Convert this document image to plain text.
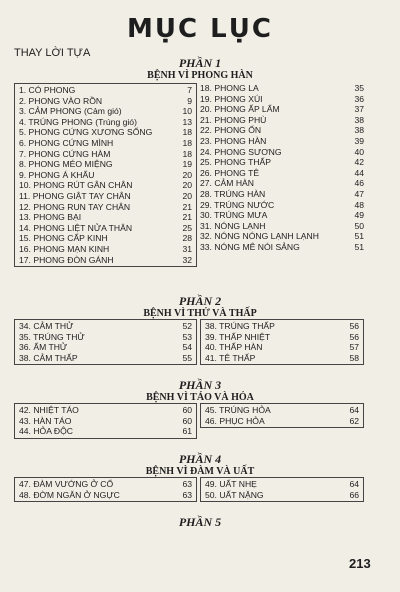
MỤC LỤC
THAY LỜI TỰA
PHẦN 1
BỆNH VÌ PHONG HÀN
1. CÓ PHONG	7
2. PHONG VÀO RỒN	9
3. CẢM PHONG (Cảm gió)	10
4. TRÚNG PHONG (Trúng gió)	13
5. PHONG CỨNG XƯƠNG SỐNG	18
6. PHONG CỨNG MÌNH	18
7. PHONG CỨNG HÀM	18
8. PHONG MÉO MIỆNG	19
9. PHONG Á KHẨU	20
10. PHONG RÚT GÂN CHÂN	20
11. PHONG GIẬT TAY CHÂN	20
12. PHONG RUN TAY CHÂN	21
13. PHONG BẠI	21
14. PHONG LIỆT NỬA THÂN	25
15. PHONG CẤP KINH	28
16. PHONG MẠN KINH	31
17. PHONG ĐÒN GÁNH	32
18. PHONG LA	35
19. PHONG XÚI	36
20. PHONG ẤP LẨM	37
21. PHONG PHÙ	38
22. PHONG ỐN	38
23. PHONG HÀN	39
24. PHONG SƯƠNG	40
25. PHONG THẤP	42
26. PHONG TÊ	44
27. CẢM HÀN	46
28. TRÚNG HÀN	47
29. TRÚNG NƯỚC	48
30. TRÚNG MƯA	49
31. NÓNG LẠNH	50
32. NÓNG NÓNG LẠNH LẠNH	51
33. NÓNG MÊ NÓI SẢNG	51
PHẦN 2
BỆNH VÌ THỬ VÀ THẤP
34. CẢM THỬ	52
35. TRÚNG THỬ	53
36. ẨM THỬ	54
38. CẢM THẤP	55
38. TRÚNG THẤP	56
39. THẤP NHIỆT	56
40. THẤP HÀN	57
41. TÊ THẤP	58
PHẦN 3
BỆNH VÌ TÁO VÀ HỎA
42. NHIỆT TÁO	60
43. HÀN TÁO	60
44. HỎA ĐỘC	61
45. TRÚNG HỎA	64
46. PHỤC HỎA	62
PHẦN 4
BỆNH VÌ ĐÀM VÀ UẤT
47. ĐÀM VƯỚNG Ở CỔ	63
48. ĐỜM NGĂN Ở NGỰC	63
49. UẤT NHẸ	64
50. UẤT NẶNG	66
PHẦN 5
213
